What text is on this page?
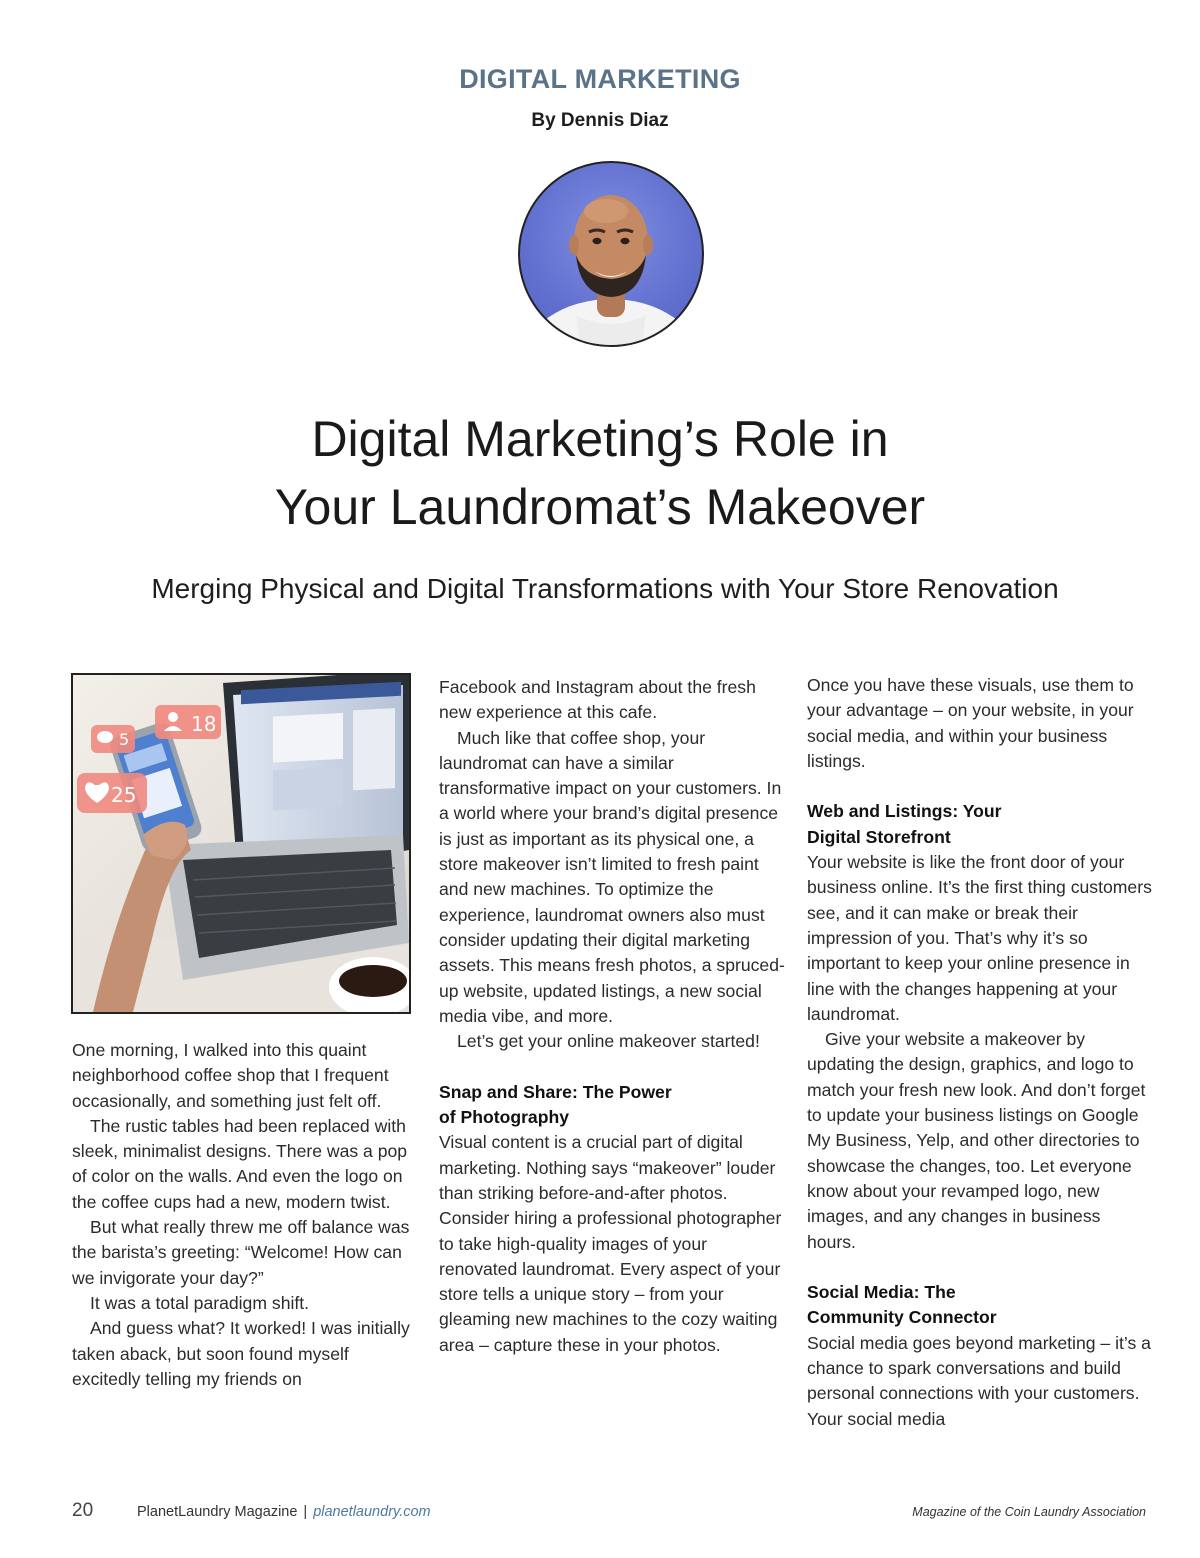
DIGITAL MARKETING
By Dennis Diaz
Digital Marketing’s Role in
Your Laundromat’s Makeover
Merging Physical and Digital Transformations with Your Store Renovation
18
5
25

One morning, I walked into this quaint neighborhood coffee shop that I frequent occasionally, and something just felt off.

The rustic tables had been replaced with sleek, minimalist designs. There was a pop of color on the walls. And even the logo on the coffee cups had a new, modern twist.

But what really threw me off balance was the barista’s greeting: “Welcome! How can we invigorate your day?”

It was a total paradigm shift.

And guess what? It worked! I was initially taken aback, but soon found myself excitedly telling my friends on

Facebook and Instagram about the fresh new experience at this cafe.

Much like that coffee shop, your laundromat can have a similar transformative impact on your customers. In a world where your brand’s digital presence is just as important as its physical one, a store makeover isn’t limited to fresh paint and new machines. To optimize the experience, laundromat owners also must consider updating their digital marketing assets. This means fresh photos, a spruced-up website, updated listings, a new social media vibe, and more.

Let’s get your online makeover started!

Snap and Share: The Power
of Photography

Visual content is a crucial part of digital marketing. Nothing says “makeover” louder than striking before-and-after photos. Consider hiring a professional photographer to take high-quality images of your renovated laundromat. Every aspect of your store tells a unique story – from your gleaming new machines to the cozy waiting area – capture these in your photos.

Once you have these visuals, use them to your advantage – on your website, in your social media, and within your business listings.

Web and Listings: Your
Digital Storefront

Your website is like the front door of your business online. It’s the first thing customers see, and it can make or break their impression of you. That’s why it’s so important to keep your online presence in line with the changes happening at your laundromat.

Give your website a makeover by updating the design, graphics, and logo to match your fresh new look. And don’t forget to update your business listings on Google My Business, Yelp, and other directories to showcase the changes, too. Let everyone know about your revamped logo, new images, and any changes in business hours.

Social Media: The
Community Connector

Social media goes beyond marketing – it’s a chance to spark conversations and build personal connections with your customers. Your social media

20	PlanetLaundry Magazine | planetlaundry.com	Magazine of the Coin Laundry Association
